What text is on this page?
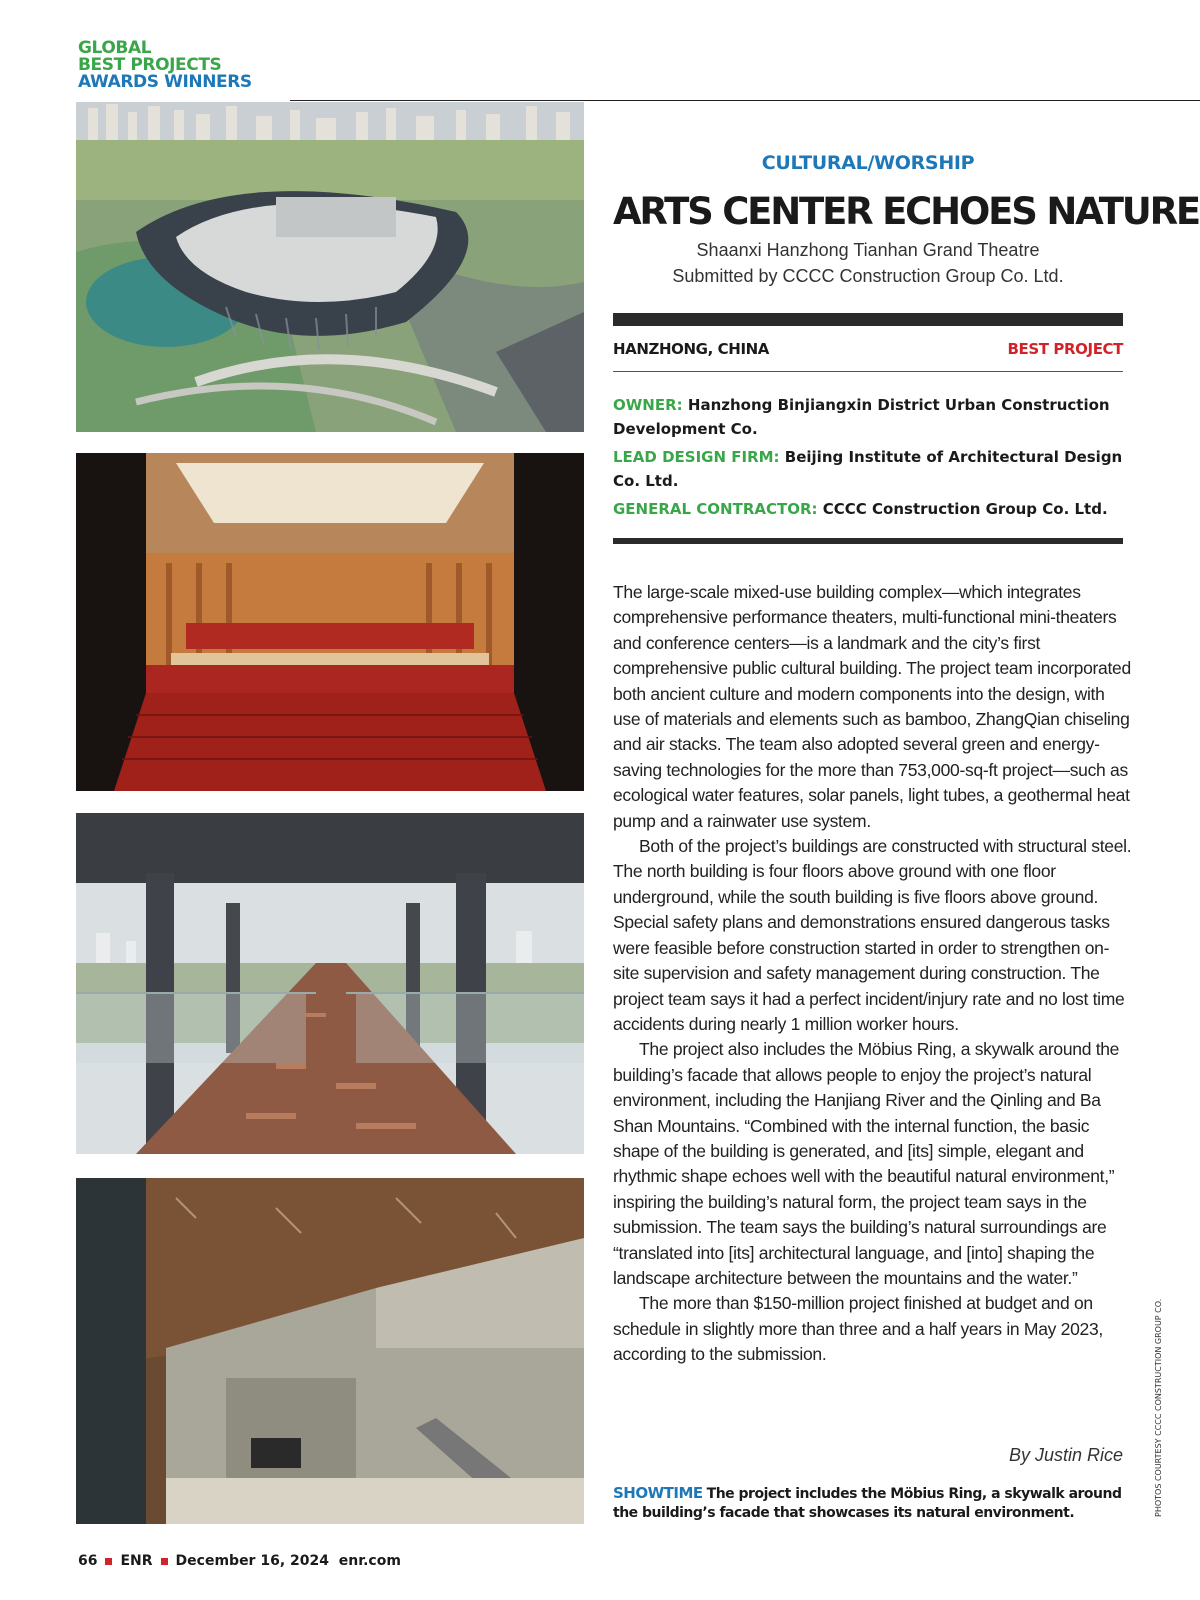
GLOBAL
BEST PROJECTS
AWARDS WINNERS
CULTURAL/WORSHIP
ARTS CENTER ECHOES NATURE
Shaanxi Hanzhong Tianhan Grand Theatre
Submitted by CCCC Construction Group Co. Ltd.
HANZHONG, CHINA	BEST PROJECT

OWNER: Hanzhong Binjiangxin District Urban Construction Development Co.

LEAD DESIGN FIRM: Beijing Institute of Architectural Design Co. Ltd.

GENERAL CONTRACTOR: CCCC Construction Group Co. Ltd.

The large-scale mixed-use building complex—which integrates comprehensive performance theaters, multi-functional mini-theaters and conference centers—is a landmark and the city’s first comprehensive public cultural building. The project team incorporated both ancient culture and modern components into the design, with use of materials and elements such as bamboo, ZhangQian chiseling and air stacks. The team also adopted several green and energy-saving technologies for the more than 753,000-sq-ft project—such as ecological water features, solar panels, light tubes, a geothermal heat pump and a rainwater use system.

Both of the project’s buildings are constructed with structural steel. The north building is four floors above ground with one floor underground, while the south building is five floors above ground. Special safety plans and demonstrations ensured dangerous tasks were feasible before construction started in order to strengthen on-site supervision and safety management during construction. The project team says it had a perfect incident/injury rate and no lost time accidents during nearly 1 million worker hours.

The project also includes the Möbius Ring, a skywalk around the building’s facade that allows people to enjoy the project’s natural environment, including the Hanjiang River and the Qinling and Ba Shan Mountains. “Combined with the internal function, the basic shape of the building is generated, and [its] simple, elegant and rhythmic shape echoes well with the beautiful natural environment,” inspiring the building’s natural form, the project team says in the submission. The team says the building’s natural surroundings are “translated into [its] architectural language, and [into] shaping the landscape architecture between the mountains and the water.”

The more than $150-million project finished at budget and on schedule in slightly more than three and a half years in May 2023, according to the submission.

By Justin Rice
SHOWTIME The project includes the Möbius Ring, a skywalk around the building’s facade that showcases its natural environment.	PHOTOS COURTESY CCCC CONSTRUCTION GROUP CO.
66 ENR December 16, 2024 enr.com
